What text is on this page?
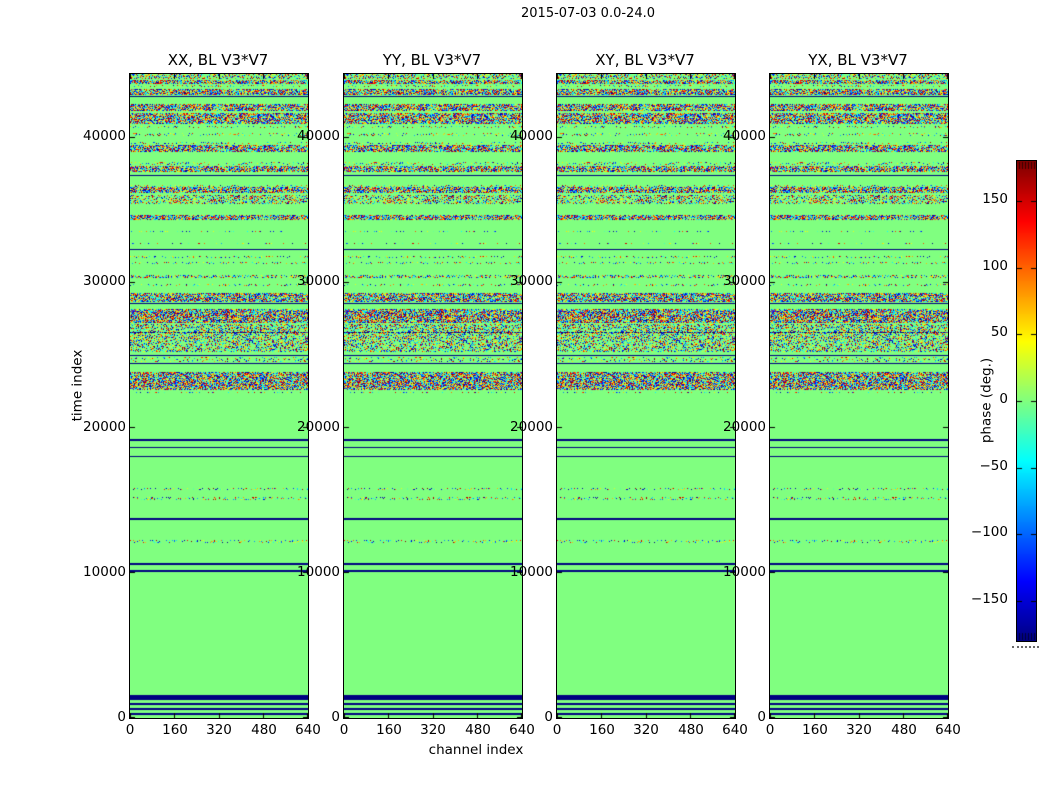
2015-07-03 0.0-24.0
time index
channel index
XX, BL V3*V7
0
10000
20000
30000
40000
0	160	320	480	640
YY, BL V3*V7
0
10000
20000
30000
40000
0	160	320	480	640
XY, BL V3*V7
0
10000
20000
30000
40000
0	160	320	480	640
YX, BL V3*V7
0
10000
20000
30000
40000
0	160	320	480	640
−150
−100
−50
0
50
100
150
phase (deg.)
